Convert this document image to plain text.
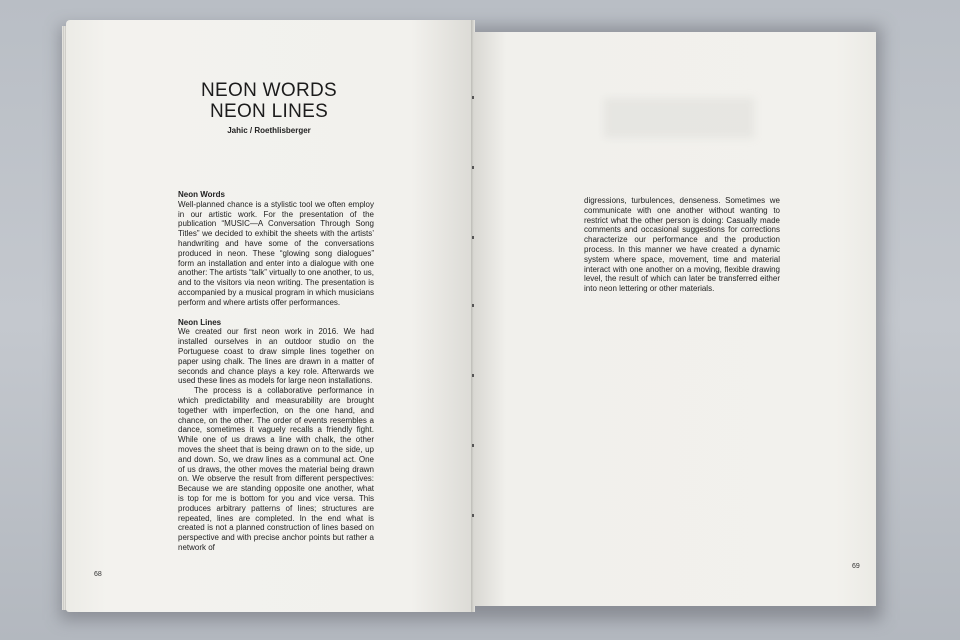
NEON WORDS
NEON LINES
Jahic / Roethlisberger

Neon Words

Well-planned chance is a stylistic tool we often employ in our artistic work. For the presentation of the publication “MUSIC—A Conversation Through Song Titles” we decided to exhibit the sheets with the artists’ handwriting and have some of the conversations produced in neon. These “glowing song dialogues” form an installation and enter into a dialogue with one another: The artists “talk” virtually to one another, to us, and to the visitors via neon writing. The presentation is accompanied by a musical program in which musicians perform and where artists offer performances.

Neon Lines

We created our first neon work in 2016. We had installed ourselves in an outdoor studio on the Portuguese coast to draw simple lines together on paper using chalk. The lines are drawn in a matter of seconds and chance plays a key role. Afterwards we used these lines as models for large neon installations.

The process is a collaborative performance in which predictability and measurability are brought together with imperfection, on the one hand, and chance, on the other. The order of events resembles a dance, sometimes it vaguely recalls a friendly fight. While one of us draws a line with chalk, the other moves the sheet that is being drawn on to the side, up and down. So, we draw lines as a communal act. One of us draws, the other moves the material being drawn on. We observe the result from different perspectives: Because we are standing opposite one another, what is top for me is bottom for you and vice versa. This produces arbitrary patterns of lines; structures are repeated, lines are completed. In the end what is created is not a planned construction of lines based on perspective and with precise anchor points but rather a network of

68

digressions, turbulences, denseness. Sometimes we communicate with one another without wanting to restrict what the other person is doing: Casually made comments and occasional suggestions for corrections characterize our performance and the production process. In this manner we have created a dynamic system where space, movement, time and material interact with one another on a moving, flexible drawing level, the result of which can later be transferred either into neon lettering or other materials.

69
